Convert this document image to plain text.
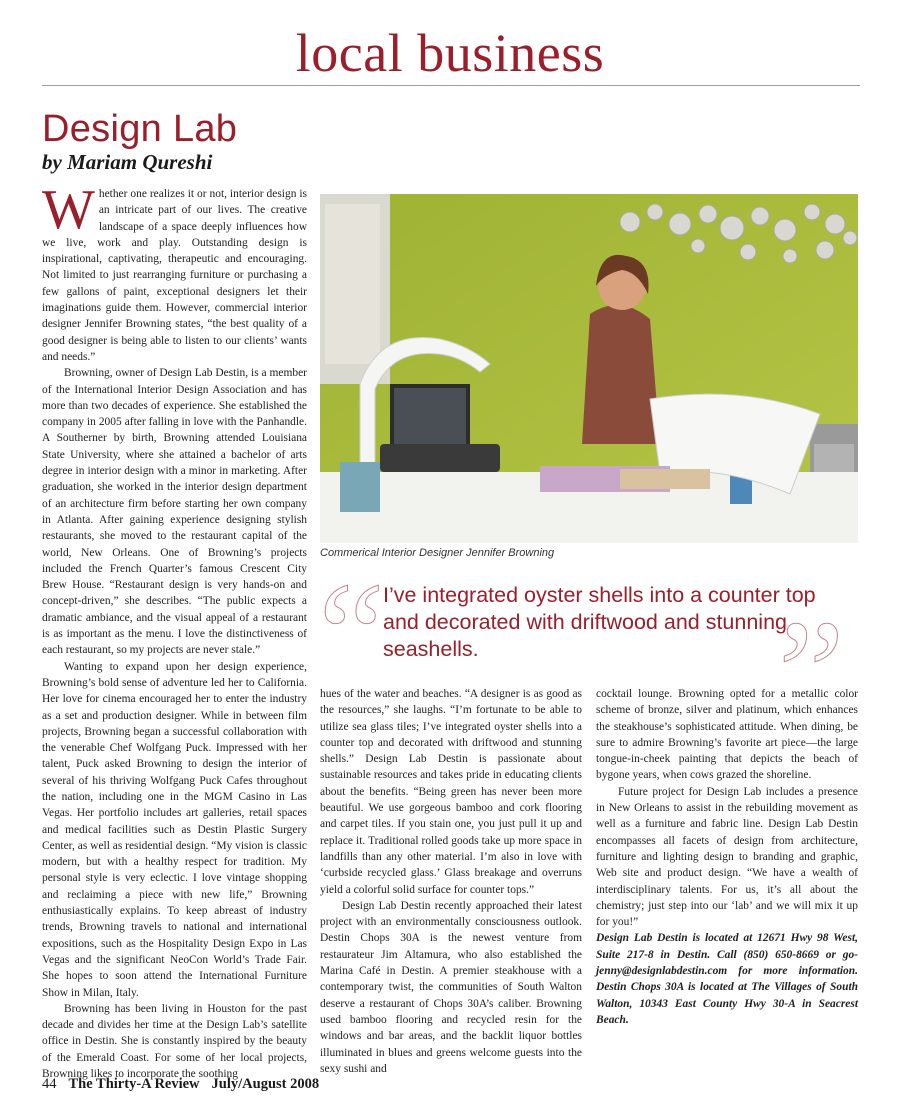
local business
Design Lab
by Mariam Qureshi

Whether one realizes it or not, interior design is an intricate part of our lives. The creative landscape of a space deeply influences how we live, work and play. Outstanding design is inspirational, captivating, therapeutic and encouraging. Not limited to just rearranging furniture or purchasing a few gallons of paint, exceptional designers let their imaginations guide them. However, commercial interior designer Jennifer Browning states, “the best quality of a good designer is being able to listen to our clients’ wants and needs.”

Browning, owner of Design Lab Destin, is a member of the International Interior Design Association and has more than two decades of experience. She established the company in 2005 after falling in love with the Panhandle. A Southerner by birth, Browning attended Louisiana State University, where she attained a bachelor of arts degree in interior design with a minor in marketing. After graduation, she worked in the interior design department of an architecture firm before starting her own company in Atlanta. After gaining experience designing stylish restaurants, she moved to the restaurant capital of the world, New Orleans. One of Browning’s projects included the French Quarter’s famous Crescent City Brew House. “Restaurant design is very hands-on and concept-driven,” she describes. “The public expects a dramatic ambiance, and the visual appeal of a restaurant is as important as the menu. I love the distinctiveness of each restaurant, so my projects are never stale.”

Wanting to expand upon her design experience, Browning’s bold sense of adventure led her to California. Her love for cinema encouraged her to enter the industry as a set and production designer. While in between film projects, Browning began a successful collaboration with the venerable Chef Wolfgang Puck. Impressed with her talent, Puck asked Browning to design the interior of several of his thriving Wolfgang Puck Cafes throughout the nation, including one in the MGM Casino in Las Vegas. Her portfolio includes art galleries, retail spaces and medical facilities such as Destin Plastic Surgery Center, as well as residential design. “My vision is classic modern, but with a healthy respect for tradition. My personal style is very eclectic. I love vintage shopping and reclaiming a piece with new life,” Browning enthusiastically explains. To keep abreast of industry trends, Browning travels to national and international expositions, such as the Hospitality Design Expo in Las Vegas and the significant NeoCon World’s Trade Fair. She hopes to soon attend the International Furniture Show in Milan, Italy.

Browning has been living in Houston for the past decade and divides her time at the Design Lab’s satellite office in Destin. She is constantly inspired by the beauty of the Emerald Coast. For some of her local projects, Browning likes to incorporate the soothing

Commerical Interior Designer Jennifer Browning
“	”
I’ve integrated oyster shells into a counter top and decorated with driftwood and stunning seashells.

hues of the water and beaches. “A designer is as good as the resources,” she laughs. “I’m fortunate to be able to utilize sea glass tiles; I’ve integrated oyster shells into a counter top and decorated with driftwood and stunning shells.” Design Lab Destin is passionate about sustainable resources and takes pride in educating clients about the benefits. “Being green has never been more beautiful. We use gorgeous bamboo and cork flooring and carpet tiles. If you stain one, you just pull it up and replace it. Traditional rolled goods take up more space in landfills than any other material. I’m also in love with ‘curbside recycled glass.’ Glass breakage and overruns yield a colorful solid surface for counter tops.”

Design Lab Destin recently approached their latest project with an environmentally consciousness outlook. Destin Chops 30A is the newest venture from restaurateur Jim Altamura, who also established the Marina Café in Destin. A premier steakhouse with a contemporary twist, the communities of South Walton deserve a restaurant of Chops 30A’s caliber. Browning used bamboo flooring and recycled resin for the windows and bar areas, and the backlit liquor bottles illuminated in blues and greens welcome guests into the sexy sushi and

cocktail lounge. Browning opted for a metallic color scheme of bronze, silver and platinum, which enhances the steakhouse’s sophisticated attitude. When dining, be sure to admire Browning’s favorite art piece—the large tongue-in-cheek painting that depicts the beach of bygone years, when cows grazed the shoreline.

Future project for Design Lab includes a presence in New Orleans to assist in the rebuilding movement as well as a furniture and fabric line. Design Lab Destin encompasses all facets of design from architecture, furniture and lighting design to branding and graphic, Web site and product design. “We have a wealth of interdisciplinary talents. For us, it’s all about the chemistry; just step into our ‘lab’ and we will mix it up for you!”

Design Lab Destin is located at 12671 Hwy 98 West, Suite 217-8 in Destin. Call (850) 650-8669 or go-jenny@designlabdestin.com for more information. Destin Chops 30A is located at The Villages of South Walton, 10343 East County Hwy 30-A in Seacrest Beach.

44 The Thirty-A Review July/August 2008
